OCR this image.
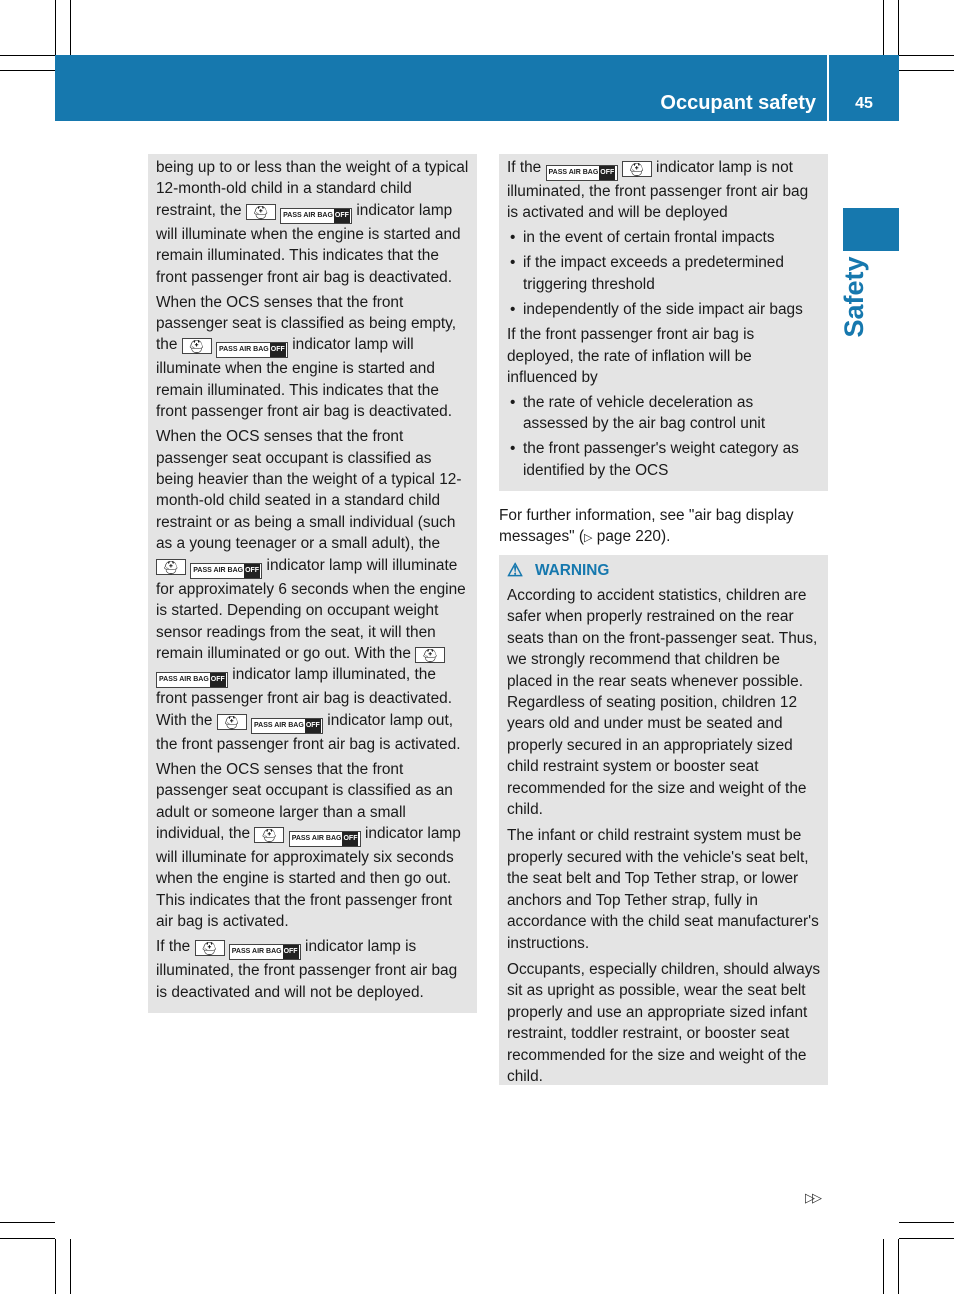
Occupant safety	45
Safety

being up to or less than the weight of a typical 12-month-old child in a standard child restraint, the ⛑ PASS AIR BAG OFF indicator lamp will illuminate when the engine is started and remain illuminated. This indicates that the front passenger front air bag is deactivated.

When the OCS senses that the front passenger seat is classified as being empty, the ⛑ PASS AIR BAG OFF indicator lamp will illuminate when the engine is started and remain illuminated. This indicates that the front passenger front air bag is deactivated.

When the OCS senses that the front passenger seat occupant is classified as being heavier than the weight of a typical 12-month-old child seated in a standard child restraint or as being a small individual (such as a young teenager or a small adult), the ⛑ PASS AIR BAG OFF indicator lamp will illuminate for approximately 6 seconds when the engine is started. Depending on occupant weight sensor readings from the seat, it will then remain illuminated or go out. With the ⛑ PASS AIR BAG OFF indicator lamp illuminated, the front passenger front air bag is deactivated. With the ⛑ PASS AIR BAG OFF indicator lamp out, the front passenger front air bag is activated.

When the OCS senses that the front passenger seat occupant is classified as an adult or someone larger than a small individual, the ⛑ PASS AIR BAG OFF indicator lamp will illuminate for approximately six seconds when the engine is started and then go out. This indicates that the front passenger front air bag is activated.

If the ⛑ PASS AIR BAG OFF indicator lamp is illuminated, the front passenger front air bag is deactivated and will not be deployed.

If the PASS AIR BAG OFF ⛑ indicator lamp is not illuminated, the front passenger front air bag is activated and will be deployed

• in the event of certain frontal impacts
• if the impact exceeds a predetermined triggering threshold
• independently of the side impact air bags

If the front passenger front air bag is deployed, the rate of inflation will be influenced by

• the rate of vehicle deceleration as assessed by the air bag control unit
• the front passenger's weight category as identified by the OCS

For further information, see "air bag display messages" (▷ page 220).

⚠ WARNING

According to accident statistics, children are safer when properly restrained on the rear seats than on the front-passenger seat. Thus, we strongly recommend that children be placed in the rear seats whenever possible. Regardless of seating position, children 12 years old and under must be seated and properly secured in an appropriately sized child restraint system or booster seat recommended for the size and weight of the child.

The infant or child restraint system must be properly secured with the vehicle's seat belt, the seat belt and Top Tether strap, or lower anchors and Top Tether strap, fully in accordance with the child seat manufacturer's instructions.

Occupants, especially children, should always sit as upright as possible, wear the seat belt properly and use an appropriate sized infant restraint, toddler restraint, or booster seat recommended for the size and weight of the child.

▷▷
